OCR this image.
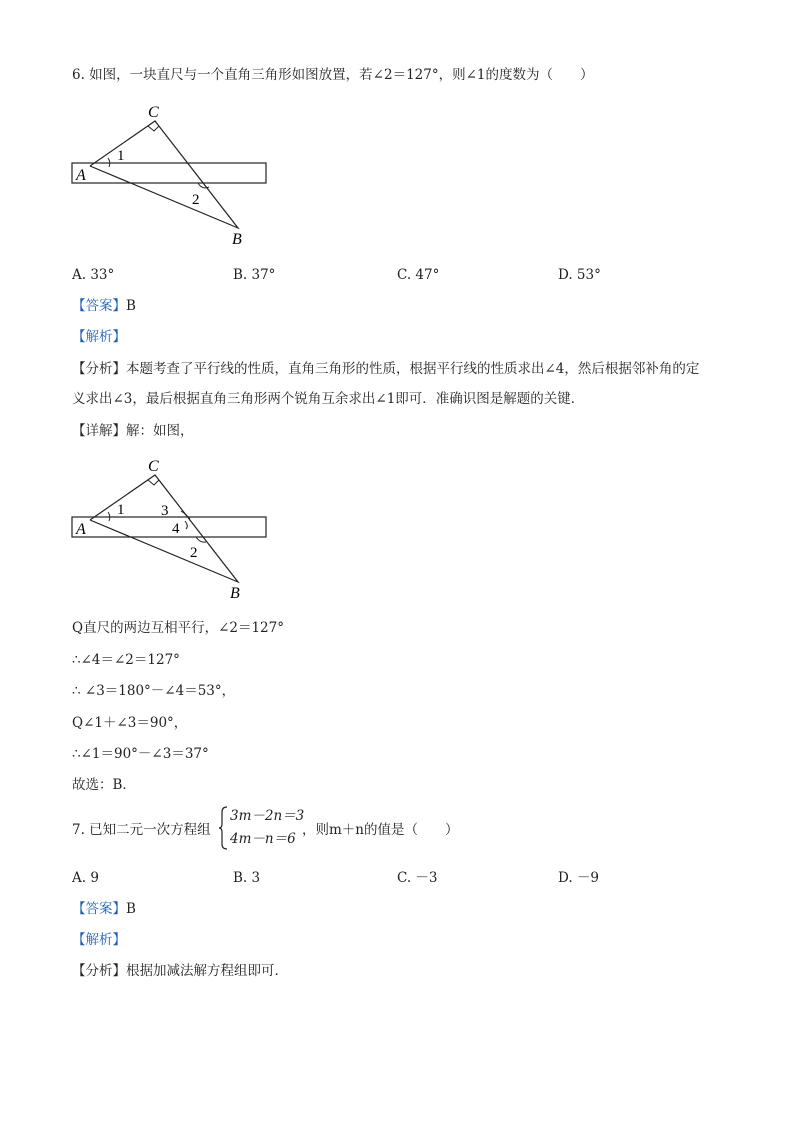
6. 如图，一块直尺与一个直角三角形如图放置，若∠2＝127°，则∠1的度数为（　　）
C
A
B
1
2
A. 33°	B. 37°	C. 47°	D. 53°
【答案】B
【解析】
【分析】本题考查了平行线的性质，直角三角形的性质，根据平行线的性质求出∠4，然后根据邻补角的定
义求出∠3，最后根据直角三角形两个锐角互余求出∠1即可．准确识图是解题的关键．
【详解】解：如图，
C
A
B
1 3
4
2
Q直尺的两边互相平行，∠2＝127°
∴∠4＝∠2＝127°
∴ ∠3＝180°－∠4＝53°，
Q∠1＋∠3＝90°，
∴∠1＝90°－∠3＝37°
故选：B．
7. 已知二元一次方程组
3m－2n＝3
4m－n＝6
，则m＋n的值是（　　）
A. 9	B. 3	C. －3	D. －9
【答案】B
【解析】
【分析】根据加减法解方程组即可．
